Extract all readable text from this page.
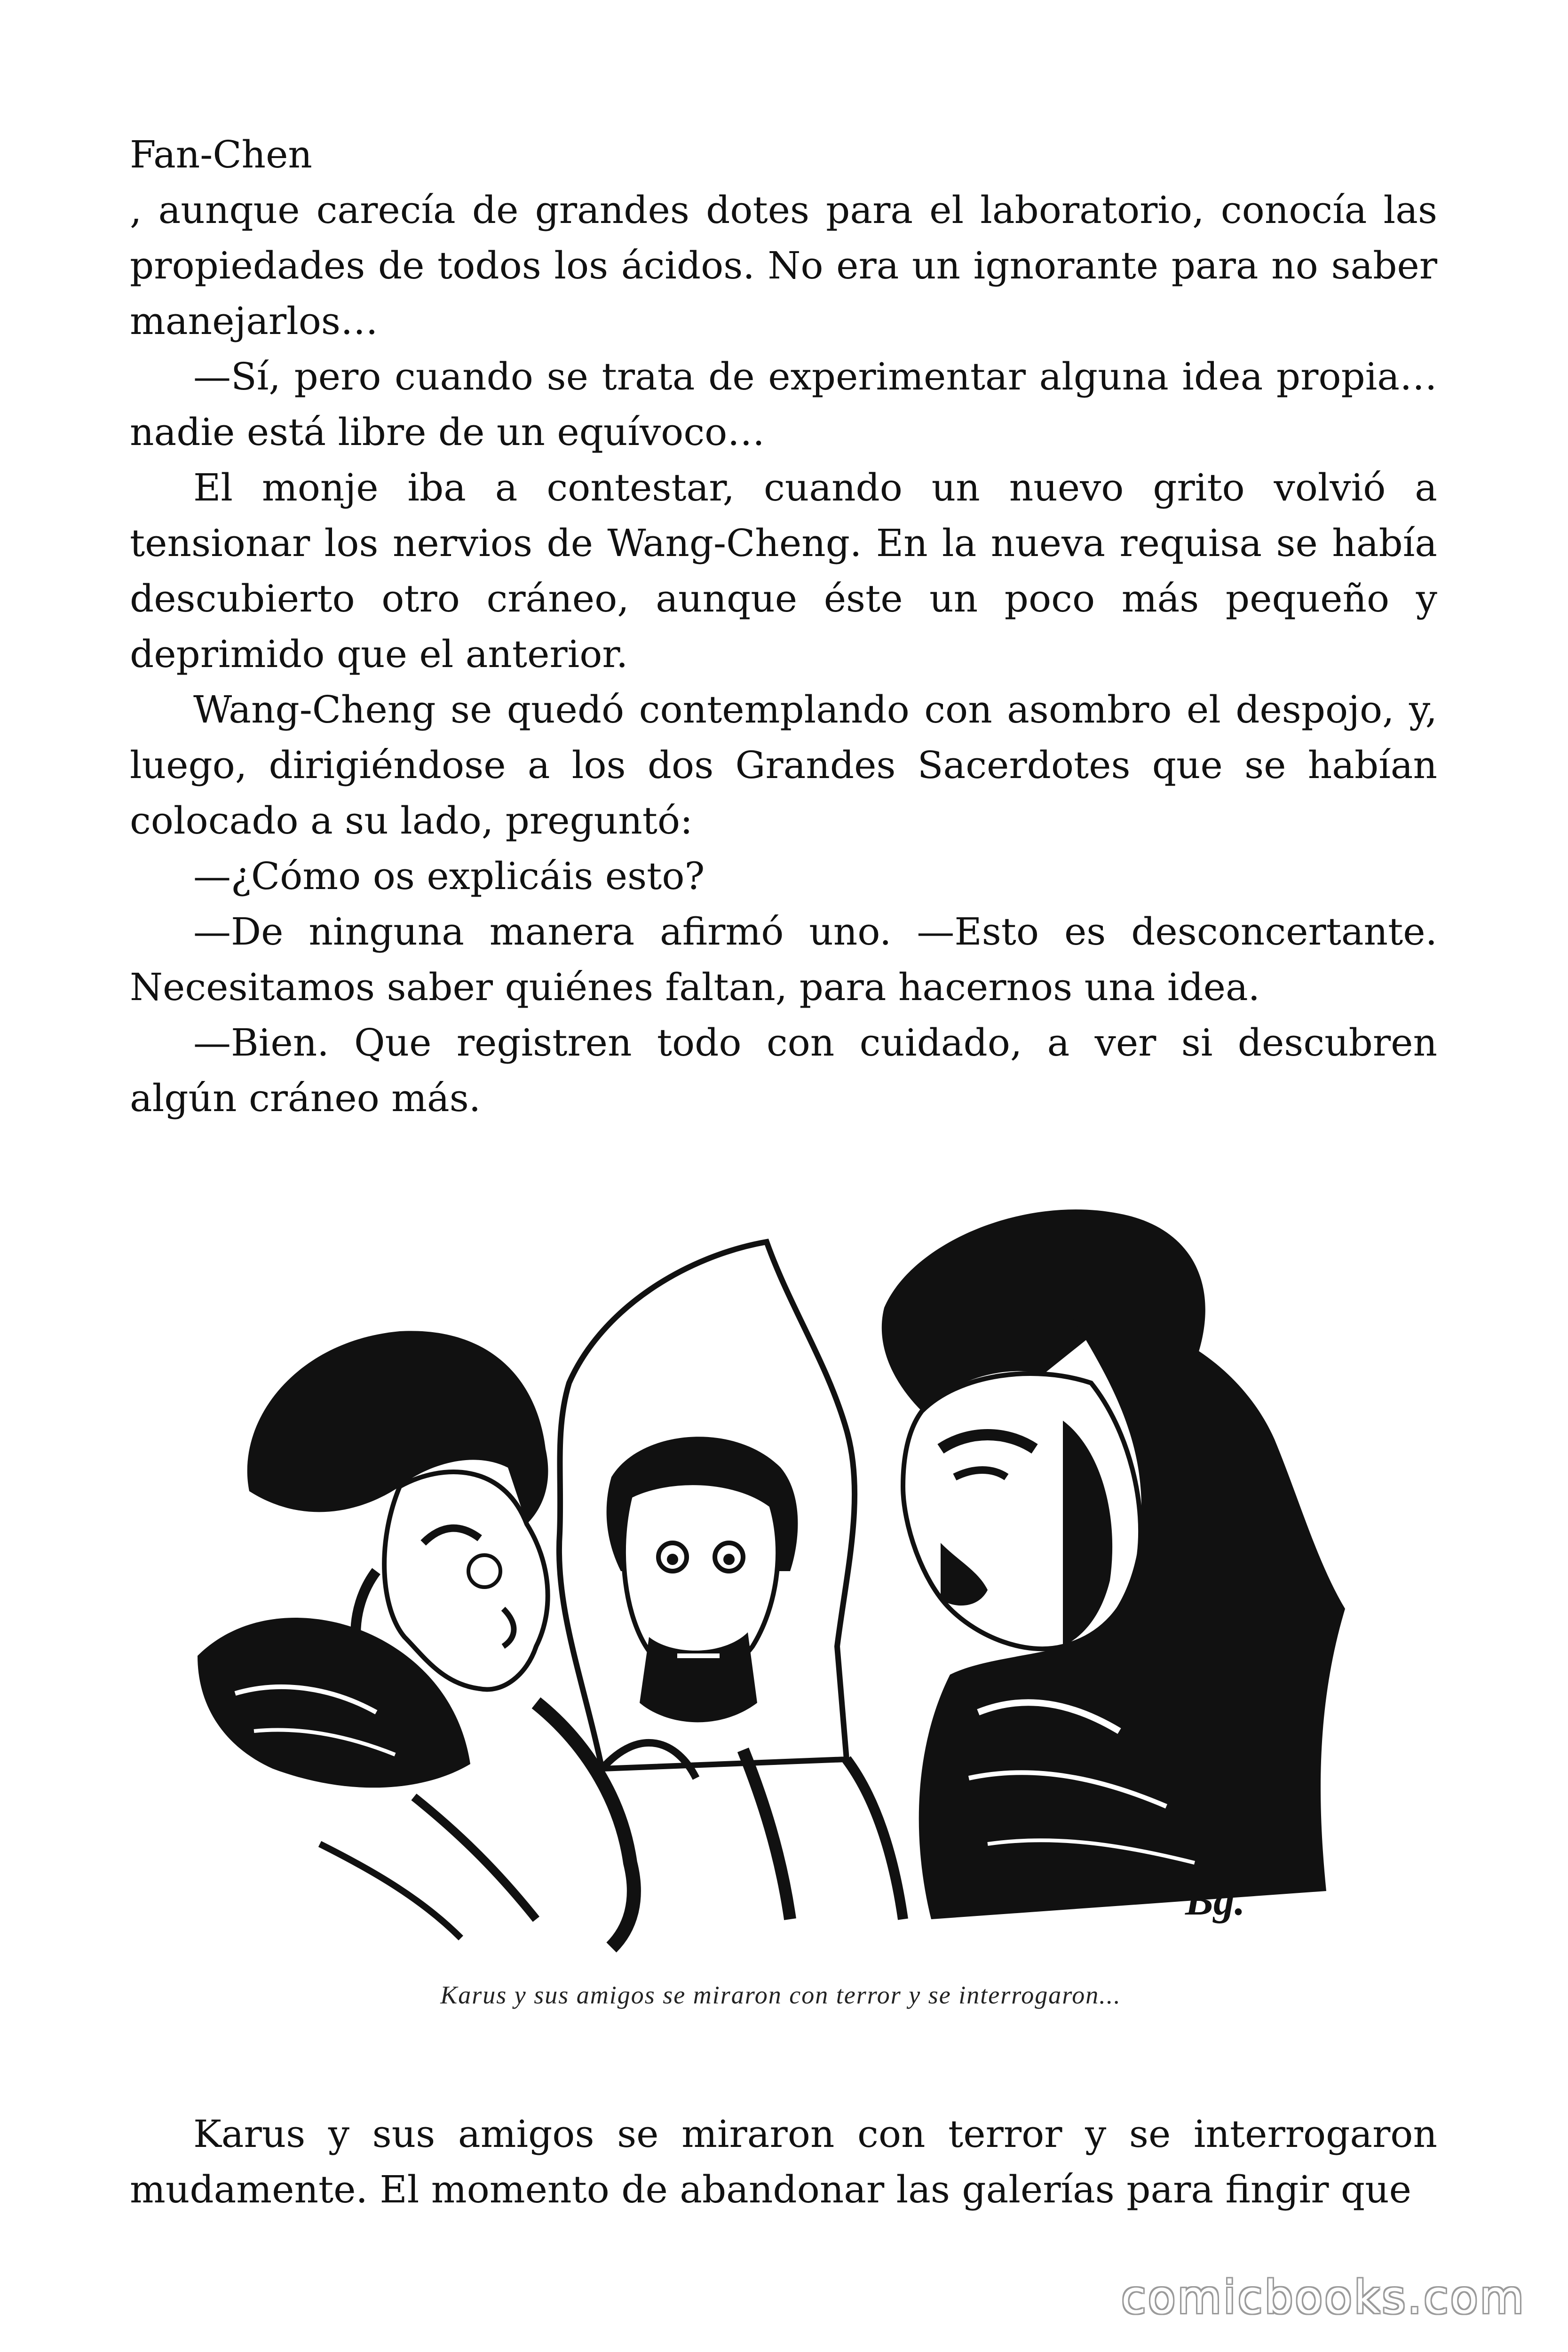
Fan-Chen

, aunque carecía de grandes dotes para el laboratorio, conocía las propiedades de todos los ácidos. No era un ignorante para no saber manejarlos…

—Sí, pero cuando se trata de experimentar alguna idea propia… nadie está libre de un equívoco…

El monje iba a contestar, cuando un nuevo grito volvió a tensionar los nervios de Wang-Cheng. En la nueva requisa se había descubierto otro cráneo, aunque éste un poco más pequeño y deprimido que el anterior.

Wang-Cheng se quedó contemplando con asombro el despojo, y, luego, dirigiéndose a los dos Grandes Sacerdotes que se habían colocado a su lado, preguntó:

—¿Cómo os explicáis esto?

—De ninguna manera afirmó uno. —Esto es desconcertante. Necesitamos saber quiénes faltan, para hacernos una idea.

—Bien. Que registren todo con cuidado, a ver si descubren algún cráneo más.

Bg.
Karus y sus amigos se miraron con terror y se interrogaron...

Karus y sus amigos se miraron con terror y se interrogaron mudamente. El momento de abandonar las galerías para fingir que

comicbooks.com
